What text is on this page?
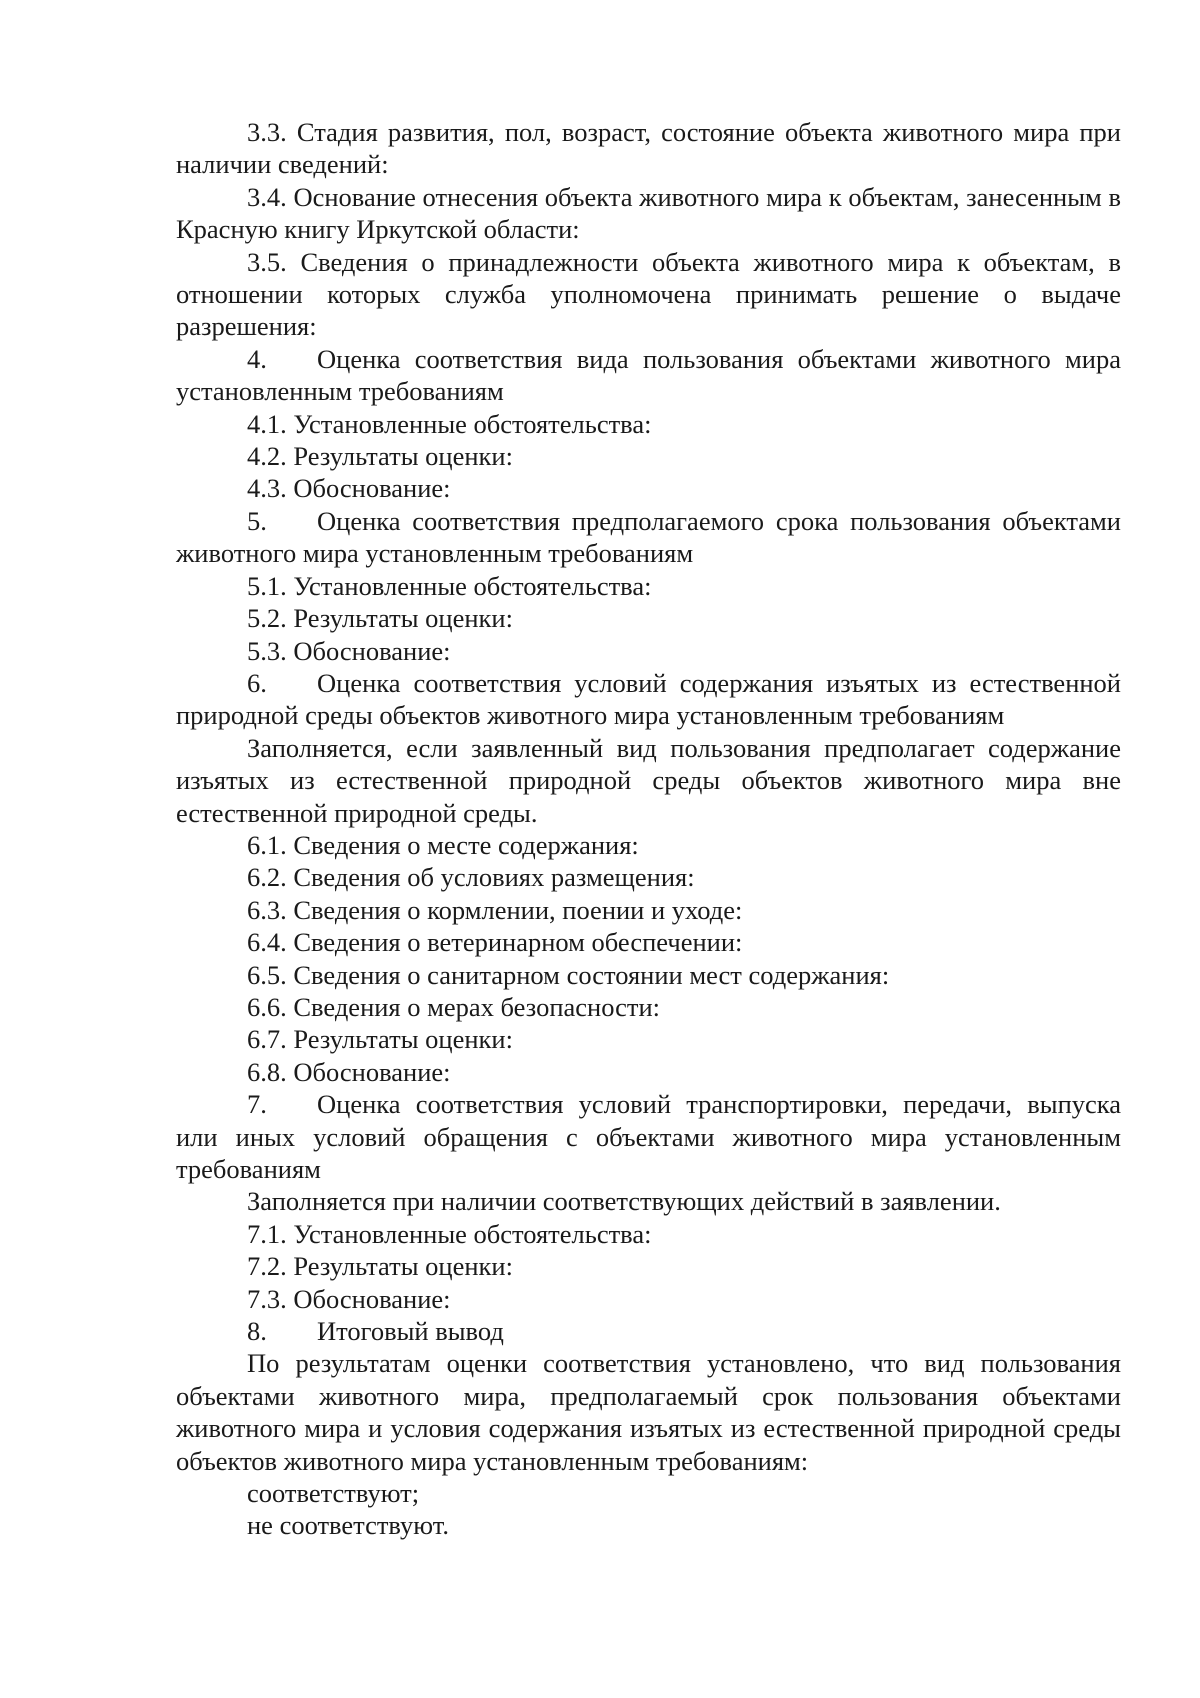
3.3. Стадия развития, пол, возраст, состояние объекта животного мира при наличии сведений:

3.4. Основание отнесения объекта животного мира к объектам, занесенным в Красную книгу Иркутской области:

3.5. Сведения о принадлежности объекта животного мира к объектам, в отношении которых служба уполномочена принимать решение о выдаче разрешения:

4. Оценка соответствия вида пользования объектами животного мира установленным требованиям

4.1. Установленные обстоятельства:

4.2. Результаты оценки:

4.3. Обоснование:

5. Оценка соответствия предполагаемого срока пользования объектами животного мира установленным требованиям

5.1. Установленные обстоятельства:

5.2. Результаты оценки:

5.3. Обоснование:

6. Оценка соответствия условий содержания изъятых из естественной природной среды объектов животного мира установленным требованиям

Заполняется, если заявленный вид пользования предполагает содержание изъятых из естественной природной среды объектов животного мира вне естественной природной среды.

6.1. Сведения о месте содержания:

6.2. Сведения об условиях размещения:

6.3. Сведения о кормлении, поении и уходе:

6.4. Сведения о ветеринарном обеспечении:

6.5. Сведения о санитарном состоянии мест содержания:

6.6. Сведения о мерах безопасности:

6.7. Результаты оценки:

6.8. Обоснование:

7. Оценка соответствия условий транспортировки, передачи, выпуска или иных условий обращения с объектами животного мира установленным требованиям

Заполняется при наличии соответствующих действий в заявлении.

7.1. Установленные обстоятельства:

7.2. Результаты оценки:

7.3. Обоснование:

8. Итоговый вывод

По результатам оценки соответствия установлено, что вид пользования объектами животного мира, предполагаемый срок пользования объектами животного мира и условия содержания изъятых из естественной природной среды объектов животного мира установленным требованиям:

соответствуют;

не соответствуют.
